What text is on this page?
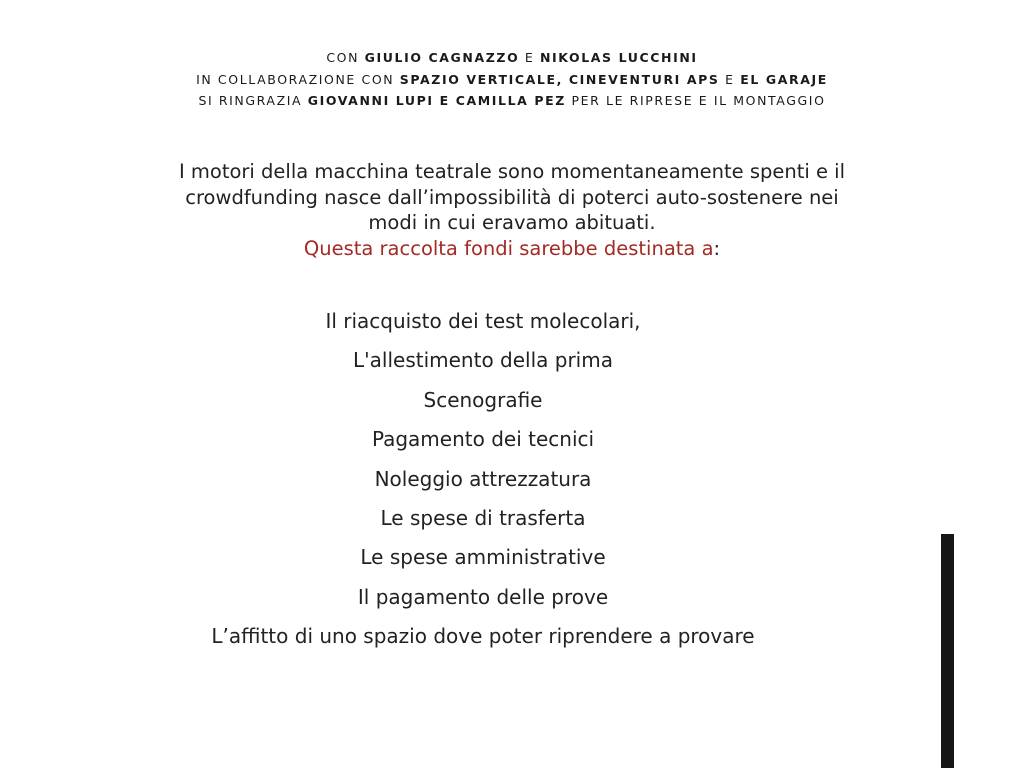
CON GIULIO CAGNAZZO E NIKOLAS LUCCHINI
IN COLLABORAZIONE CON SPAZIO VERTICALE, CINEVENTURI APS E EL GARAJE
SI RINGRAZIA GIOVANNI LUPI E CAMILLA PEZ PER LE RIPRESE E IL MONTAGGIO
I motori della macchina teatrale sono momentaneamente spenti e il
crowdfunding nasce dall’impossibilità di poterci auto-sostenere nei
modi in cui eravamo abituati.
Questa raccolta fondi sarebbe destinata a:
Il riacquisto dei test molecolari,
L'allestimento della prima
Scenografie
Pagamento dei tecnici
Noleggio attrezzatura
Le spese di trasferta
Le spese amministrative
Il pagamento delle prove
L’affitto di uno spazio dove poter riprendere a provare
